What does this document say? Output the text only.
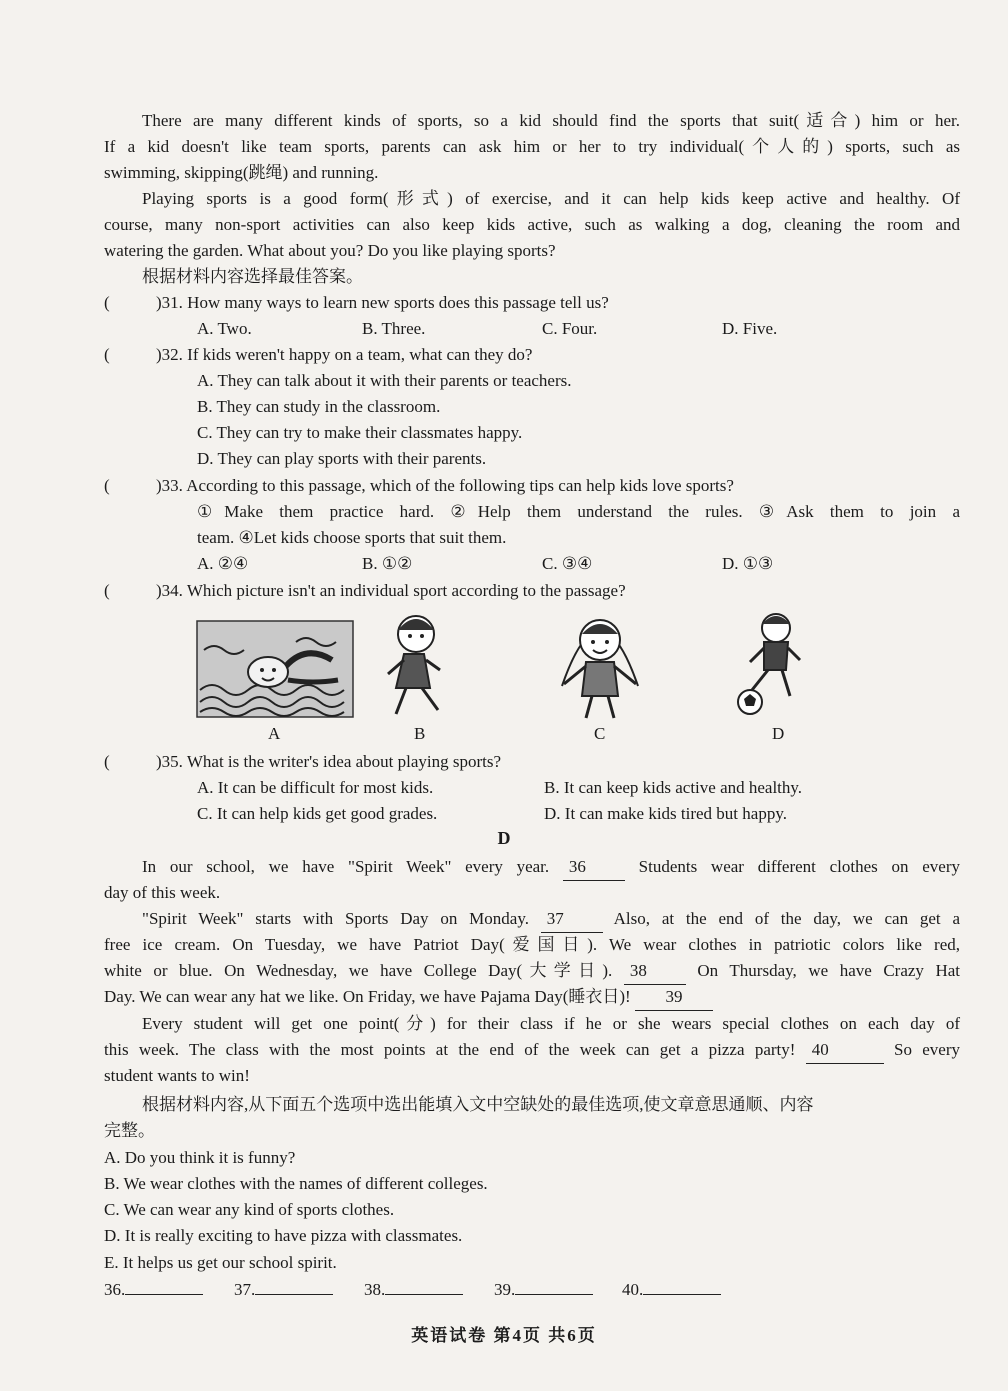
There are many different kinds of sports, so a kid should find the sports that suit(适合) him or her.
If a kid doesn't like team sports, parents can ask him or her to try individual(个人的) sports, such as
swimming, skipping(跳绳) and running.
Playing sports is a good form(形式) of exercise, and it can help kids keep active and healthy. Of
course, many non-sport activities can also keep kids active, such as walking a dog, cleaning the room and
watering the garden. What about you? Do you like playing sports?
根据材料内容选择最佳答案。
(	)31. How many ways to learn new sports does this passage tell us?
A. Two.	B. Three.	C. Four.	D. Five.
(	)32. If kids weren't happy on a team, what can they do?
A. They can talk about it with their parents or teachers.
B. They can study in the classroom.
C. They can try to make their classmates happy.
D. They can play sports with their parents.
(	)33. According to this passage, which of the following tips can help kids love sports?
①Make them practice hard. ②Help them understand the rules. ③Ask them to join a
team. ④Let kids choose sports that suit them.
A. ②④	B. ①②	C. ③④	D. ①③
(	)34. Which picture isn't an individual sport according to the passage?
A	B	C	D
(	)35. What is the writer's idea about playing sports?
A. It can be difficult for most kids.	B. It can keep kids active and healthy.
C. It can help kids get good grades.	D. It can make kids tired but happy.
D
In our school, we have "Spirit Week" every year. 36	Students wear different clothes on every
day of this week.
"Spirit Week" starts with Sports Day on Monday. 37	Also, at the end of the day, we can get a
free ice cream. On Tuesday, we have Patriot Day(爱国日). We wear clothes in patriotic colors like red,
white or blue. On Wednesday, we have College Day(大学日). 38	On Thursday, we have Crazy Hat
Day. We can wear any hat we like. On Friday, we have Pajama Day(睡衣日)! 39
Every student will get one point(分) for their class if he or she wears special clothes on each day of
this week. The class with the most points at the end of the week can get a pizza party! 40	So every
student wants to win!
根据材料内容,从下面五个选项中选出能填入文中空缺处的最佳选项,使文章意思通顺、内容
完整。
A. Do you think it is funny?
B. We wear clothes with the names of different colleges.
C. We can wear any kind of sports clothes.
D. It is really exciting to have pizza with classmates.
E. It helps us get our school spirit.
36.	37.	38.	39.	40.
英语试卷 第4页 共6页
